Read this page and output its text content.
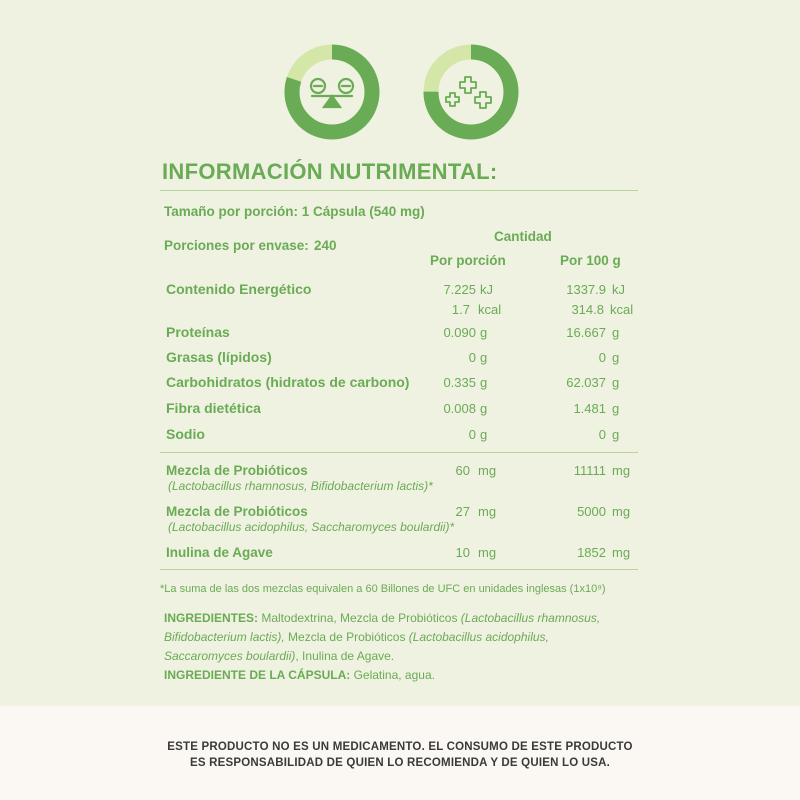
INFORMACIÓN NUTRIMENTAL:
Tamaño por porción: 1 Cápsula (540 mg)
Porciones por envase: 240
Cantidad
Por porción	Por 100 g
Contenido Energético	7.225 kJ	1337.9 kJ
1.7 kcal	314.8 kcal
Proteínas	0.090 g	16.667 g
Grasas (lípidos)	0 g	0 g
Carbohidratos (hidratos de carbono)	0.335 g	62.037 g
Fibra dietética	0.008 g	1.481 g
Sodio	0 g	0 g
Mezcla de Probióticos
(Lactobacillus rhamnosus, Bifidobacterium lactis)*
60 mg	11111 mg
Mezcla de Probióticos
(Lactobacillus acidophilus, Saccharomyces boulardii)*
27 mg	5000 mg
Inulina de Agave	10 mg	1852 mg
*La suma de las dos mezclas equivalen a 60 Billones de UFC en unidades inglesas (1x10⁹)
INGREDIENTES: Maltodextrina, Mezcla de Probióticos (Lactobacillus rhamnosus,
Bifidobacterium lactis), Mezcla de Probióticos (Lactobacillus acidophilus,
Saccaromyces boulardii), Inulina de Agave.
INGREDIENTE DE LA CÁPSULA: Gelatina, agua.
ESTE PRODUCTO NO ES UN MEDICAMENTO. EL CONSUMO DE ESTE PRODUCTO
ES RESPONSABILIDAD DE QUIEN LO RECOMIENDA Y DE QUIEN LO USA.
